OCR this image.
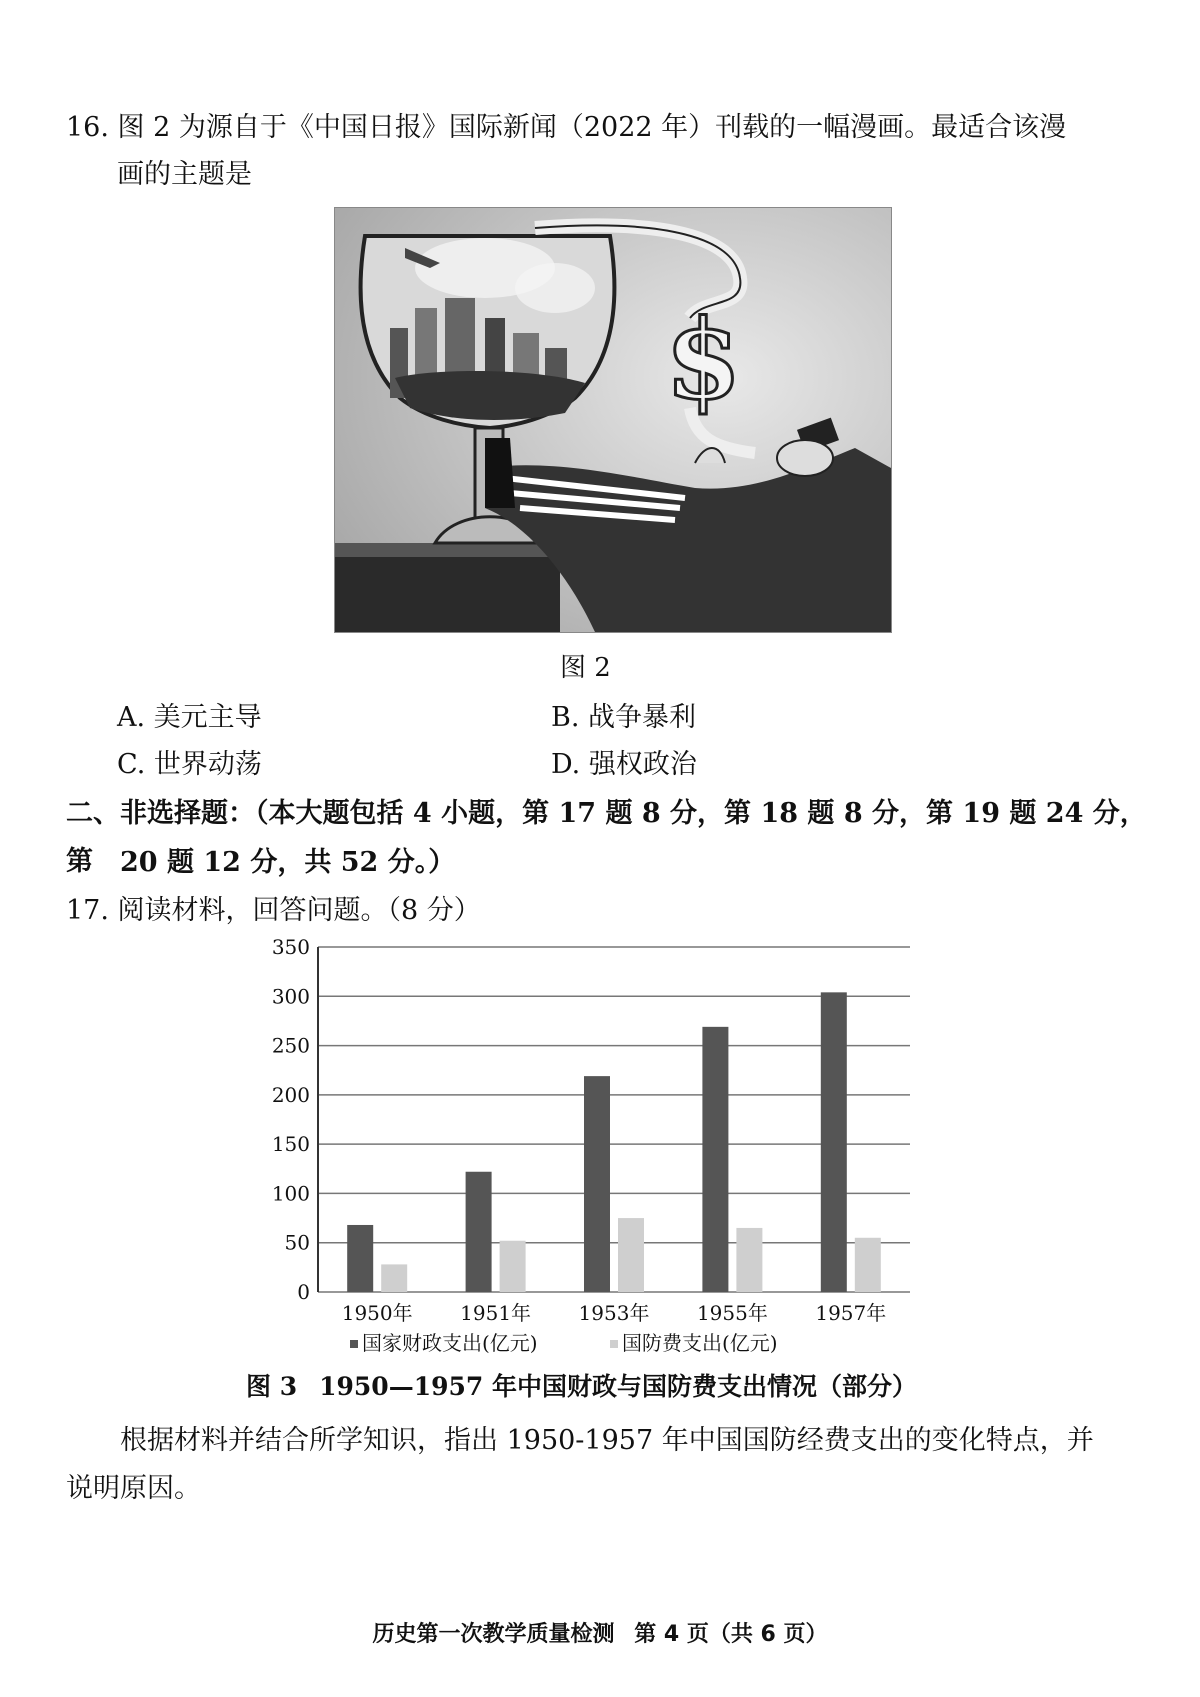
16. 图 2 为源自于《中国日报》国际新闻（2022 年）刊载的一幅漫画。最适合该漫
画的主题是
$
图 2
A. 美元主导	B. 战争暴利
C. 世界动荡	D. 强权政治
二、非选择题：（本大题包括 4 小题，第 17 题 8 分，第 18 题 8 分，第 19 题 24 分，第	20 题 12 分，共 52 分。）
17. 阅读材料，回答问题。（8 分）
0
50
100
150
200
250
300
350
1950年 1951年 1953年 1955年 1957年
国家财政支出(亿元)	国防费支出(亿元)
图 3 1950—1957 年中国财政与国防费支出情况（部分）
根据材料并结合所学知识，指出 1950-1957 年中国国防经费支出的变化特点，并
说明原因。
历史第一次教学质量检测 第 4 页（共 6 页）
